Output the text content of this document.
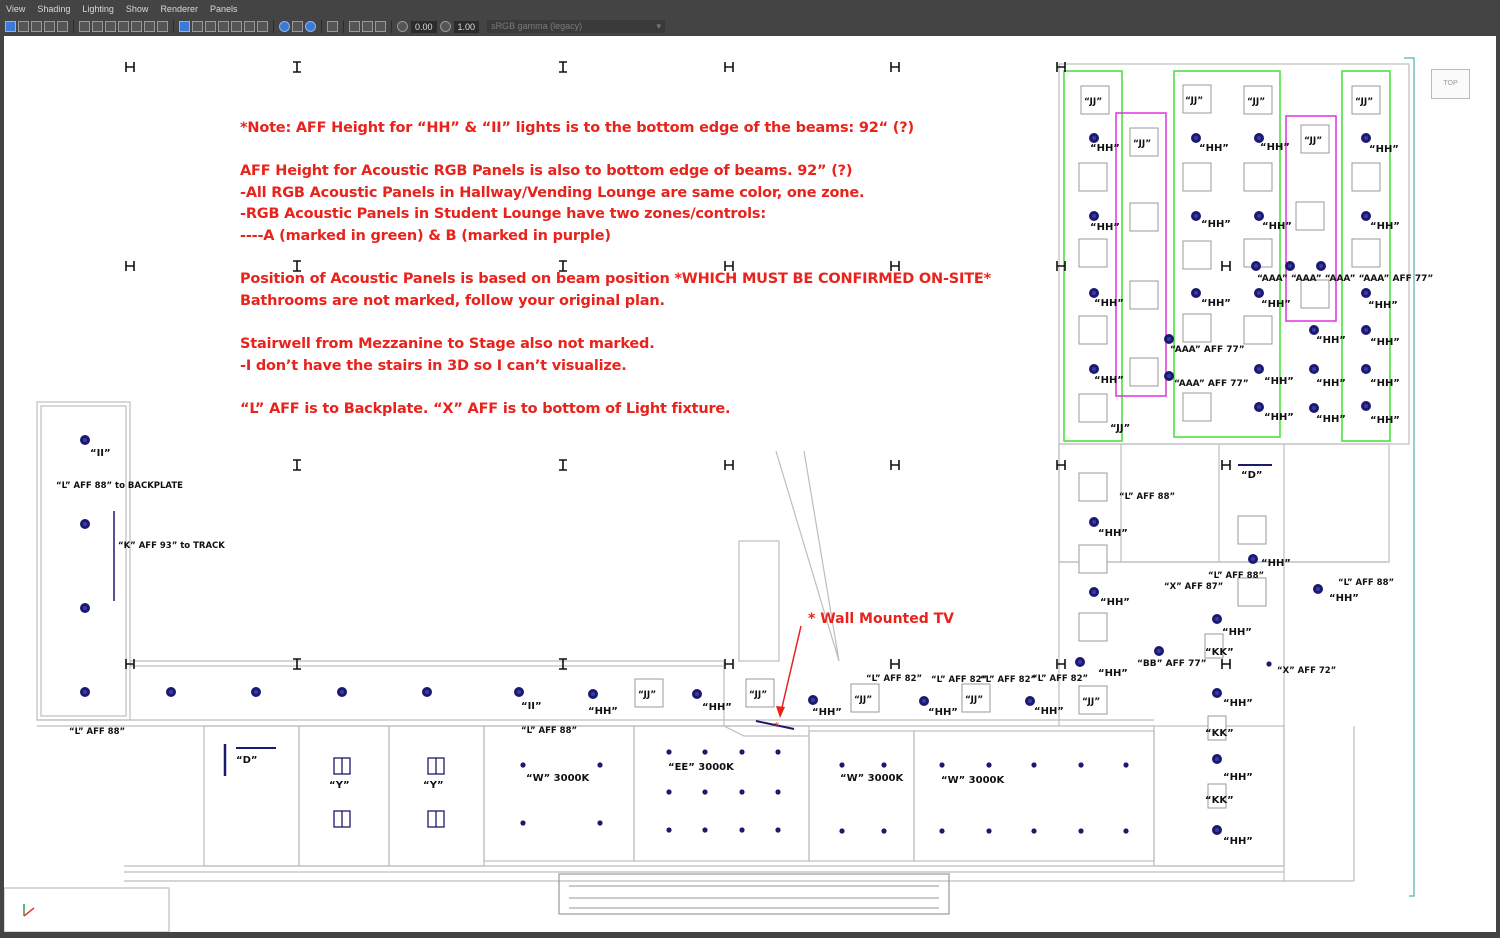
View	Shading	Lighting	Show	Renderer	Panels
0.00	1.00	sRGB gamma (legacy)	▾
* Wall Mounted TV
*
“II”
“L” AFF 88” to BACKPLATE
“K” AFF 93” to TRACK
“L” AFF 88”
“II”
“L” AFF 88”
“HH”	“HH”	“HH”	“HH”	“HH”
“L” AFF 82” “L” AFF 82”
“L” AFF 82”
“L” AFF 82”
“D”
“Y”	“Y”
“W” 3000K
“EE” 3000K
“W” 3000K	“W” 3000K
“L” AFF 88”
“D”
“HH”
“HH”
“HH”
“X” AFF 87”
“L” AFF 88”
“L” AFF 88”
“HH”
“HH”
“KK”
“BB” AFF 77”
“HH”	“X” AFF 72”
“HH”
“KK”
“HH”
“KK”
“HH”
“HH”	“HH”	“HH”	“HH”
“HH”	“HH”	“HH”	“HH”
“AAA” “AAA” “AAA” “AAA” AFF 77”
“HH”	“HH”	“HH”	“HH”
“HH” “HH”
“AAA” AFF 77”
“AAA” AFF 77”
“HH”	“HH” “HH” “HH”
“HH” “HH” “HH”
“JJ”
“JJ”	“JJ”	“JJ”	“JJ”
“JJ”	“JJ”
“JJ”	“JJ”	“JJ”	“JJ”	“JJ”
*Note: AFF Height for “HH” & “II” lights is to the bottom edge of the beams: 92“ (?)
AFF Height for Acoustic RGB Panels is also to bottom edge of beams. 92” (?)
-All RGB Acoustic Panels in Hallway/Vending Lounge are same color, one zone.
-RGB Acoustic Panels in Student Lounge have two zones/controls:
----A (marked in green) & B (marked in purple)
Position of Acoustic Panels is based on beam position *WHICH MUST BE CONFIRMED ON-SITE*
Bathrooms are not marked, follow your original plan.
Stairwell from Mezzanine to Stage also not marked.
-I don’t have the stairs in 3D so I can’t visualize.
“L” AFF is to Backplate. “X” AFF is to bottom of Light fixture.
TOP
